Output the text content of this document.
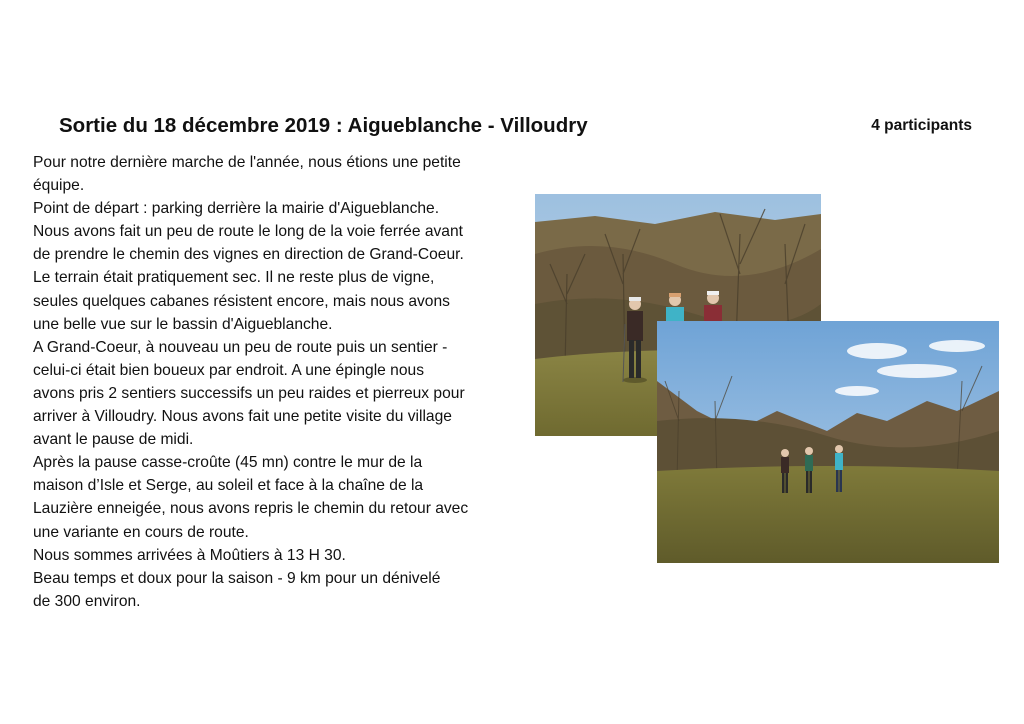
Sortie du 18 décembre 2019 : Aigueblanche - Villoudry	4 participants
Pour notre dernière marche de l'année, nous étions une petite
équipe.
Point de départ : parking derrière la mairie d'Aigueblanche.
Nous avons fait un peu de route le long de la voie ferrée avant
de prendre le chemin des vignes en direction de Grand-Coeur.
Le terrain était pratiquement sec. Il ne reste plus de vigne,
seules quelques cabanes résistent encore, mais nous avons
une belle vue sur le bassin d'Aigueblanche.
A Grand-Coeur, à nouveau un peu de route puis un sentier -
celui-ci était bien boueux par endroit. A une épingle nous
avons pris 2 sentiers successifs un peu raides et pierreux pour
arriver à Villoudry. Nous avons fait une petite visite du village
avant le pause de midi.
Après la pause casse-croûte (45 mn) contre le mur de la
maison d’Isle et Serge, au soleil et face à la chaîne de la
Lauzière enneigée, nous avons repris le chemin du retour avec
une variante en cours de route.
Nous sommes arrivées à Moûtiers à 13 H 30.
Beau temps et doux pour la saison - 9 km pour un dénivelé
de 300 environ.
